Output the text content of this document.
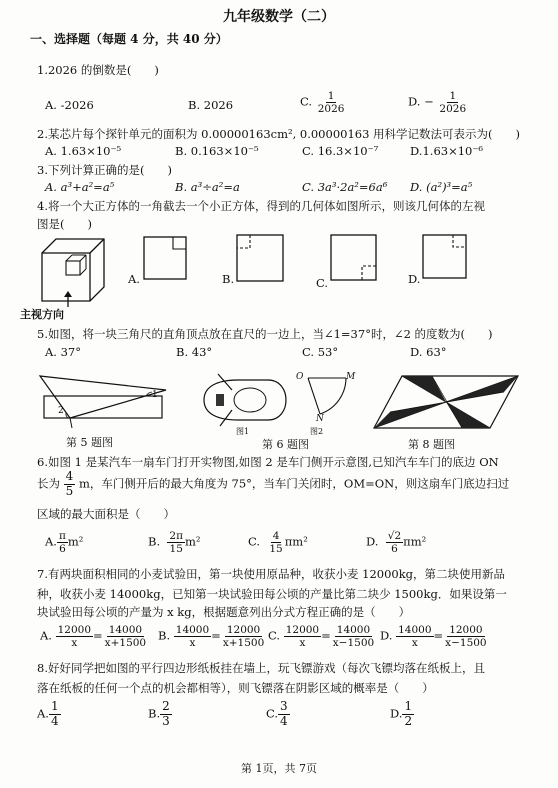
九年级数学（二）
一、选择题（每题 4 分，共 40 分）
1.2026 的倒数是(　　)
A. -2026	B. 2026	C. $\frac{1}{2026}$	D. − $\frac{1}{2026}$
2.某芯片每个探针单元的面积为 0.00000163cm², 0.00000163 用科学记数法可表示为(　　)
A. 1.63×10⁻⁵	B. 0.163×10⁻⁵	C. 16.3×10⁻⁷	D.1.63×10⁻⁶
3.下列计算正确的是(　　)
A. a³+a²=a⁵	B. a³÷a²=a	C. 3a³·2a²=6a⁶ D. (a²)³=a⁵
4.将一个大正方体的一角截去一个小正方体，得到的几何体如图所示，则该几何体的左视
图是(　　)
主视方向
A.	B.	C.	D.
5.如图，将一块三角尺的直角顶点放在直尺的一边上，当∠1=37°时，∠2 的度数为(　　)
A. 37°	B. 43°	C. 53°	D. 63°
1
2
第 5 题图
图1
O	M
N
图2
第 6 题图	第 8 题图
6.如图 1 是某汽车一扇车门打开实物图,如图 2 是车门侧开示意图,已知汽车车门的底边 ON
长为 $\frac{4}{5}$ m，车门侧开后的最大角度为 75°，当车门关闭时，OM=ON，则这扇车门底边扫过
区域的最大面积是（　　）
A. $\frac{\pi}{6} m^2$	B. $\frac{2\pi}{15} m^2$	C. $\frac{4}{15} \pi m^2$	D. $\frac{√2}{6} \pi m^2$
7.有两块面积相同的小麦试验田，第一块使用原品种，收获小麦 12000kg，第二块使用新品
种，收获小麦 14000kg，已知第一块试验田每公顷的产量比第二块少 1500kg．如果设第一
块试验田每公顷的产量为 x kg，根据题意列出分式方程正确的是（　　）
A. $\frac{12000}{x} = \frac{14000}{x+1500} B$. $\frac{14000}{x} = \frac{12000}{x+1500} C$. $\frac{12000}{x} = \frac{14000}{x-1500} D$. $\frac{14000}{x} = \frac{12000}{x-1500}$
8.好好同学把如图的平行四边形纸板挂在墙上，玩飞镖游戏（每次飞镖均落在纸板上，且
落在纸板的任何一个点的机会都相等），则飞镖落在阴影区域的概率是（　　）
A. $\frac{1}{4}$	B. $\frac{2}{3}$	C. $\frac{3}{4}$	D. $\frac{1}{2}$
第 1页，共 7页
